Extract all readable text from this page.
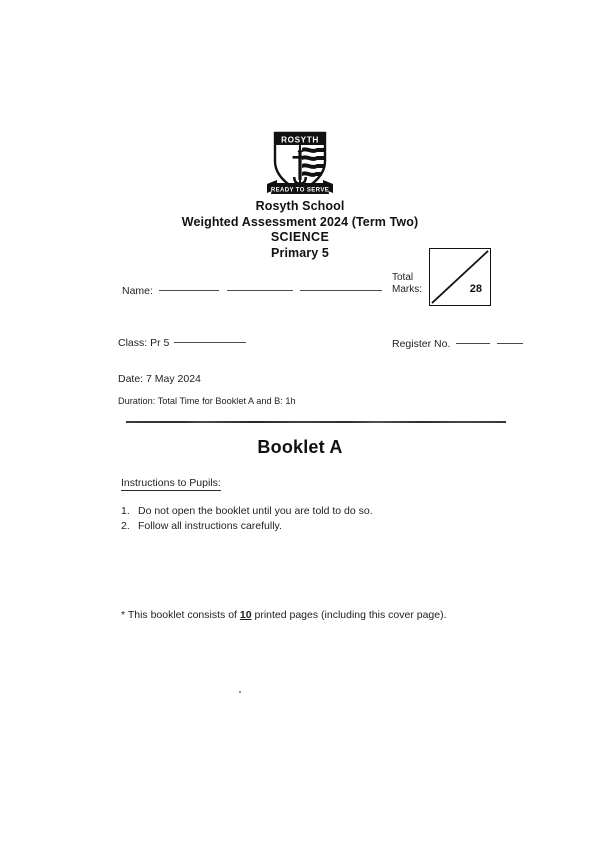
ROSYTH
READY TO SERVE
Rosyth School
Weighted Assessment 2024 (Term Two)
SCIENCE
Primary 5
Total
Marks:	28
Name:
Class: Pr 5	Register No.
Date: 7 May 2024
Duration: Total Time for Booklet A and B: 1h
Booklet A
Instructions to Pupils:
1. Do not open the booklet until you are told to do so.
2. Follow all instructions carefully.
* This booklet consists of 10 printed pages (including this cover page).
